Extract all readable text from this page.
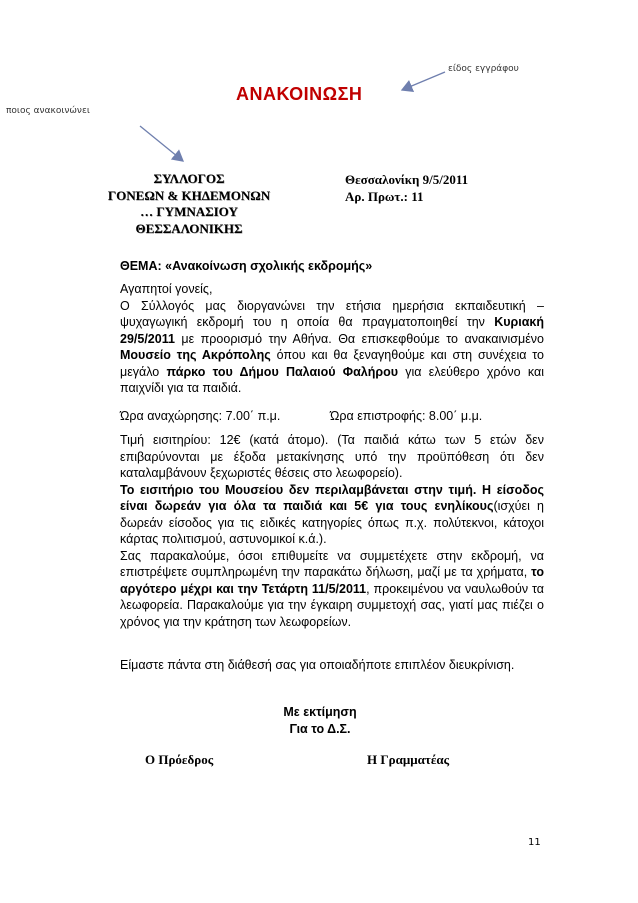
είδος εγγράφου
ποιος ανακοινώνει
ΑΝΑΚΟΙΝΩΣΗ
ΣΥΛΛΟΓΟΣ
ΓΟΝΕΩΝ & ΚΗΔΕΜΟΝΩΝ
… ΓΥΜΝΑΣΙΟΥ
ΘΕΣΣΑΛΟΝΙΚΗΣ
Θεσσαλονίκη 9/5/2011
Αρ. Πρωτ.: 11
ΘΕΜΑ: «Ανακοίνωση σχολικής εκδρομής»

Αγαπητοί γονείς,

Ο Σύλλογός μας διοργανώνει την ετήσια ημερήσια εκπαιδευτική – ψυχαγωγική εκδρομή του η οποία θα πραγματοποιηθεί την Κυριακή 29/5/2011 με προορισμό την Αθήνα. Θα επισκεφθούμε το ανακαινισμένο Μουσείο της Ακρόπολης όπου και θα ξεναγηθούμε και στη συνέχεια το μεγάλο πάρκο του Δήμου Παλαιού Φαλήρου για ελεύθερο χρόνο και παιχνίδι για τα παιδιά.

Ώρα αναχώρησης: 7.00΄ π.μ.	Ώρα επιστροφής: 8.00΄ μ.μ.

Τιμή εισιτηρίου: 12€ (κατά άτομο). (Τα παιδιά κάτω των 5 ετών δεν επιβαρύνονται με έξοδα μετακίνησης υπό την προϋπόθεση ότι δεν καταλαμβάνουν ξεχωριστές θέσεις στο λεωφορείο).

Το εισιτήριο του Μουσείου δεν περιλαμβάνεται στην τιμή. Η είσοδος είναι δωρεάν για όλα τα παιδιά και 5€ για τους ενηλίκους(ισχύει η δωρεάν είσοδος για τις ειδικές κατηγορίες όπως π.χ. πολύτεκνοι, κάτοχοι κάρτας πολιτισμού, αστυνομικοί κ.ά.).

Σας παρακαλούμε, όσοι επιθυμείτε να συμμετέχετε στην εκδρομή, να επιστρέψετε συμπληρωμένη την παρακάτω δήλωση, μαζί με τα χρήματα, το αργότερο μέχρι και την Τετάρτη 11/5/2011, προκειμένου να ναυλωθούν τα λεωφορεία. Παρακαλούμε για την έγκαιρη συμμετοχή σας, γιατί μας πιέζει ο χρόνος για την κράτηση των λεωφορείων.

Είμαστε πάντα στη διάθεσή σας για οποιαδήποτε επιπλέον διευκρίνιση.

Με εκτίμηση
Για το Δ.Σ.
Ο Πρόεδρος	Η Γραμματέας
11
